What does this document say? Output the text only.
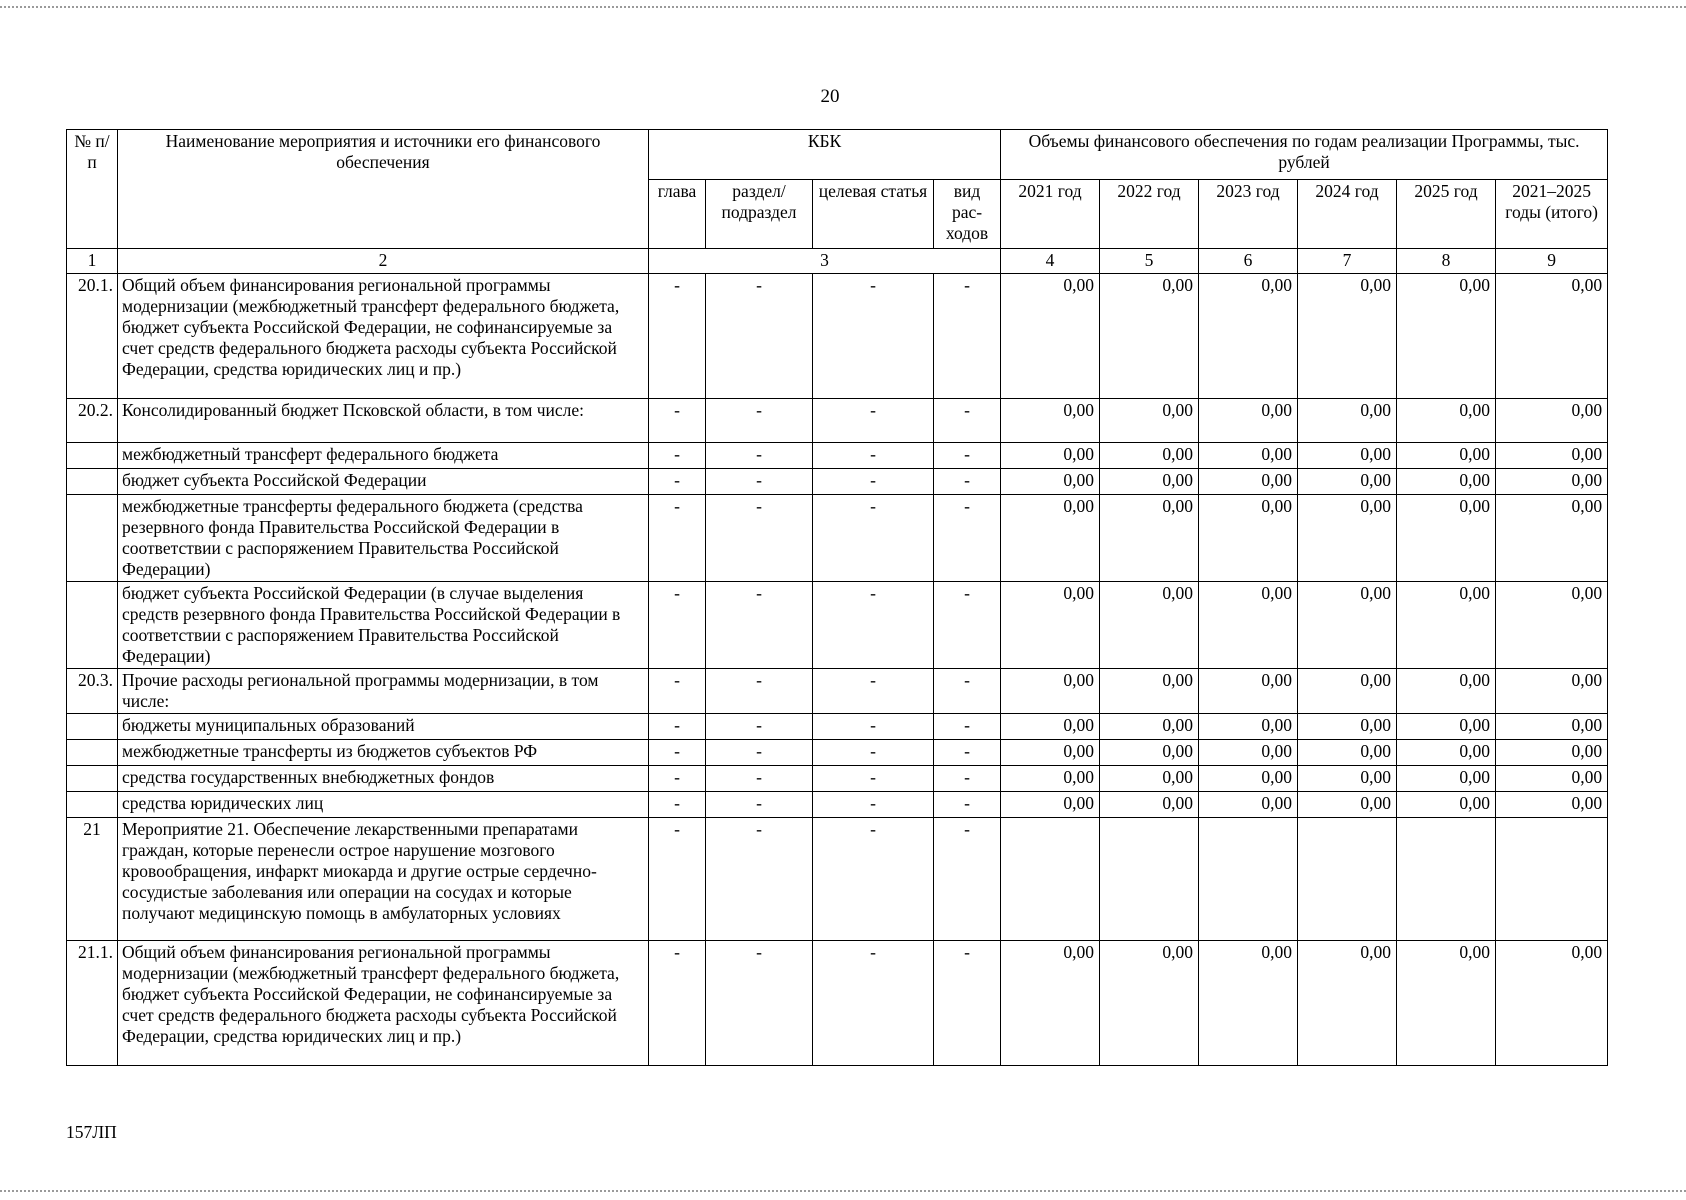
20
№ п/п	Наименование мероприятия и источники его финансового обеспечения	КБК				Объемы финансового обеспечения по годам реализации Программы, тыс. рублей					
		глава	раздел/ подраздел	целевая статья	вид рас- ходов	2021 год	2022 год	2023 год	2024 год	2025 год	2021–2025 годы (итого)
1	2	3				4	5	6	7	8	9
20.1.	Общий объем финансирования региональной программы модернизации (межбюджетный трансферт федерального бюджета, бюджет субъекта Российской Федерации, не софинансируемые за счет средств федерального бюджета расходы субъекта Российской Федерации, средства юридических лиц и пр.)	-	-	-	-	0,00	0,00	0,00	0,00	0,00	0,00
20.2.	Консолидированный бюджет Псковской области, в том числе:	-	-	-	-	0,00	0,00	0,00	0,00	0,00	0,00
	межбюджетный трансферт федерального бюджета	-	-	-	-	0,00	0,00	0,00	0,00	0,00	0,00
	бюджет субъекта Российской Федерации	-	-	-	-	0,00	0,00	0,00	0,00	0,00	0,00
	межбюджетные трансферты федерального бюджета (средства резервного фонда Правительства Российской Федерации в соответствии с распоряжением Правительства Российской Федерации)	-	-	-	-	0,00	0,00	0,00	0,00	0,00	0,00
	бюджет субъекта Российской Федерации (в случае выделения средств резервного фонда Правительства Российской Федерации в соответствии с распоряжением Правительства Российской Федерации)	-	-	-	-	0,00	0,00	0,00	0,00	0,00	0,00
20.3.	Прочие расходы региональной программы модернизации, в том числе:	-	-	-	-	0,00	0,00	0,00	0,00	0,00	0,00
	бюджеты муниципальных образований	-	-	-	-	0,00	0,00	0,00	0,00	0,00	0,00
	межбюджетные трансферты из бюджетов субъектов РФ	-	-	-	-	0,00	0,00	0,00	0,00	0,00	0,00
	средства государственных внебюджетных фондов	-	-	-	-	0,00	0,00	0,00	0,00	0,00	0,00
	средства юридических лиц	-	-	-	-	0,00	0,00	0,00	0,00	0,00	0,00
21	Мероприятие 21. Обеспечение лекарственными препаратами граждан, которые перенесли острое нарушение мозгового кровообращения, инфаркт миокарда и другие острые сердечно-сосудистые заболевания или операции на сосудах и которые получают медицинскую помощь в амбулаторных условиях	-	-	-	-						
21.1.	Общий объем финансирования региональной программы модернизации (межбюджетный трансферт федерального бюджета, бюджет субъекта Российской Федерации, не софинансируемые за счет средств федерального бюджета расходы субъекта Российской Федерации, средства юридических лиц и пр.)	-	-	-	-	0,00	0,00	0,00	0,00	0,00	0,00
157ЛП
